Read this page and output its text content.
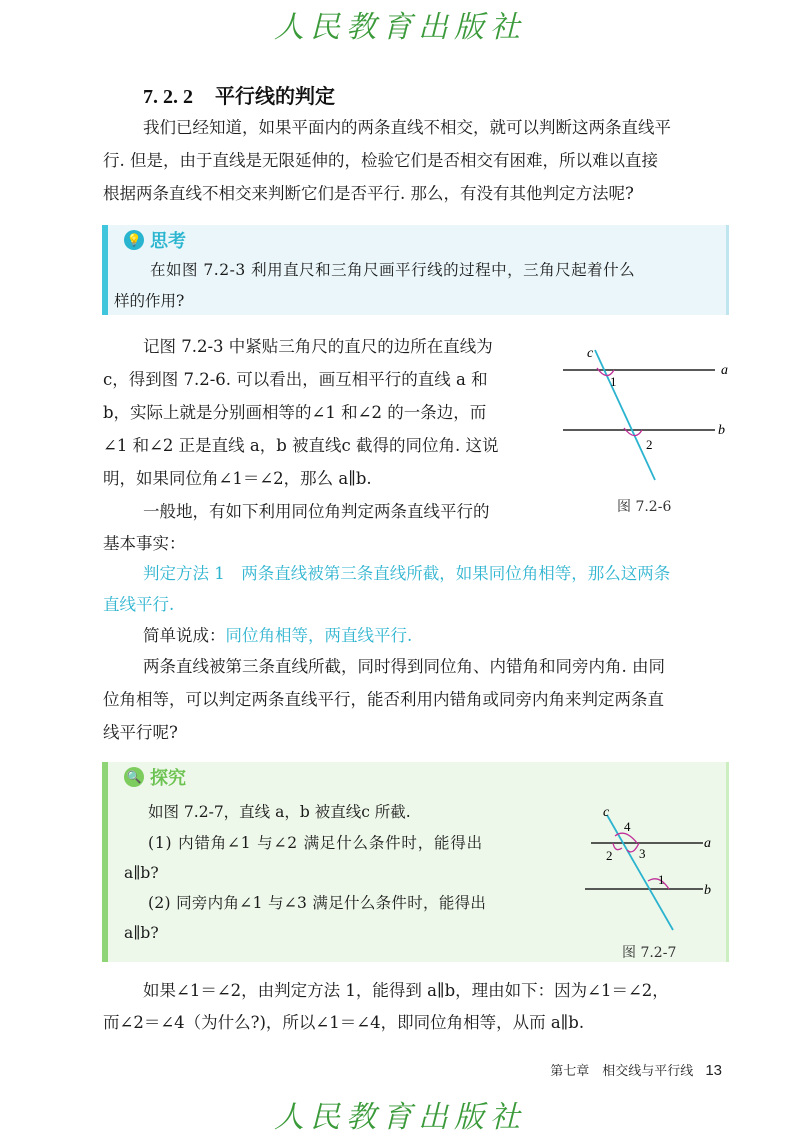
人民教育出版社
7. 2. 2 平行线的判定
我们已经知道，如果平面内的两条直线不相交，就可以判断这两条直线平
行. 但是，由于直线是无限延伸的，检验它们是否相交有困难，所以难以直接
根据两条直线不相交来判断它们是否平行. 那么，有没有其他判定方法呢?
💡 思考
在如图 7.2-3 利用直尺和三角尺画平行线的过程中，三角尺起着什么
样的作用?
记图 7.2-3 中紧贴三角尺的直尺的边所在直线为
c，得到图 7.2-6. 可以看出，画互相平行的直线 a 和
b，实际上就是分别画相等的∠1 和∠2 的一条边，而
∠1 和∠2 正是直线 a，b 被直线c 截得的同位角. 这说
明，如果同位角∠1＝∠2，那么 a∥b.
一般地，有如下利用同位角判定两条直线平行的
基本事实：
c
a
b
1
2
图 7.2-6
判定方法 1　两条直线被第三条直线所截，如果同位角相等，那么这两条
直线平行.
简单说成：同位角相等，两直线平行.
两条直线被第三条直线所截，同时得到同位角、内错角和同旁内角. 由同
位角相等，可以判定两条直线平行，能否利用内错角或同旁内角来判定两条直
线平行呢?
🔍 探究
如图 7.2-7，直线 a，b 被直线c 所截.
(1) 内错角∠1 与∠2 满足什么条件时，能得出
a∥b?
(2) 同旁内角∠1 与∠3 满足什么条件时，能得出
a∥b?
c
a
b
4
2 3
1
图 7.2-7
如果∠1＝∠2，由判定方法 1，能得到 a∥b，理由如下：因为∠1＝∠2，
而∠2＝∠4（为什么?)，所以∠1＝∠4，即同位角相等，从而 a∥b.
第七章　相交线与平行线 13
人民教育出版社
